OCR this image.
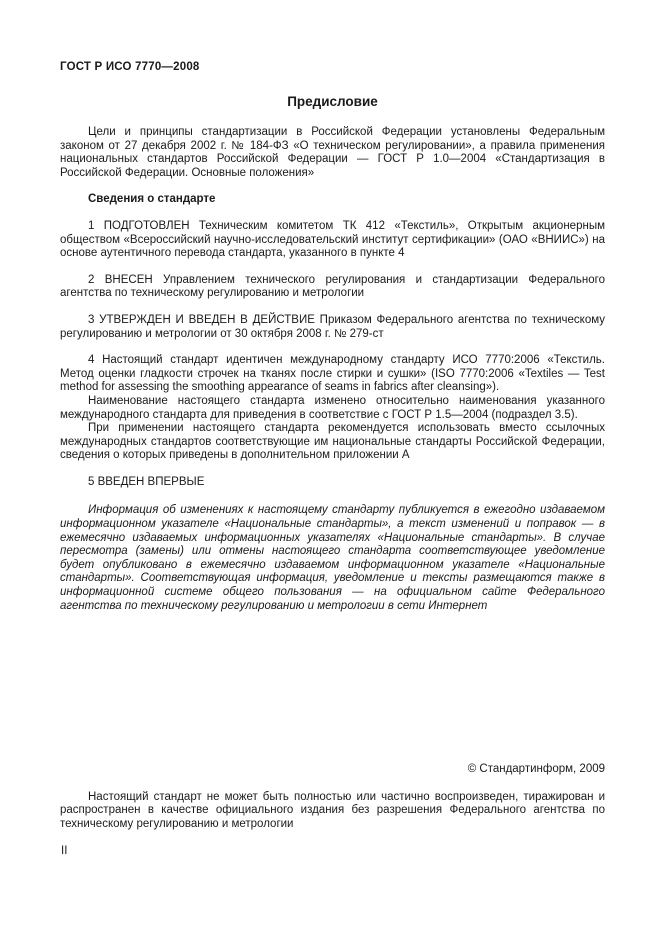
ГОСТ Р ИСО 7770—2008
Предисловие

Цели и принципы стандартизации в Российской Федерации установлены Федеральным законом от 27 декабря 2002 г. № 184-ФЗ «О техническом регулировании», а правила применения национальных стандартов Российской Федерации — ГОСТ Р 1.0—2004 «Стандартизация в Российской Федерации. Основные положения»

Сведения о стандарте

1 ПОДГОТОВЛЕН Техническим комитетом ТК 412 «Текстиль», Открытым акционерным обществом «Всероссийский научно-исследовательский институт сертификации» (ОАО «ВНИИС») на основе аутентичного перевода стандарта, указанного в пункте 4

2 ВНЕСЕН Управлением технического регулирования и стандартизации Федерального агентства по техническому регулированию и метрологии

3 УТВЕРЖДЕН И ВВЕДЕН В ДЕЙСТВИЕ Приказом Федерального агентства по техническому регулированию и метрологии от 30 октября 2008 г. № 279-ст

4 Настоящий стандарт идентичен международному стандарту ИСО 7770:2006 «Текстиль. Метод оценки гладкости строчек на тканях после стирки и сушки» (ISO 7770:2006 «Textiles — Test method for assessing the smoothing appearance of seams in fabrics after cleansing»).

Наименование настоящего стандарта изменено относительно наименования указанного международного стандарта для приведения в соответствие с ГОСТ Р 1.5—2004 (подраздел 3.5).

При применении настоящего стандарта рекомендуется использовать вместо ссылочных международных стандартов соответствующие им национальные стандарты Российской Федерации, сведения о которых приведены в дополнительном приложении А

5 ВВЕДЕН ВПЕРВЫЕ

Информация об изменениях к настоящему стандарту публикуется в ежегодно издаваемом информационном указателе «Национальные стандарты», а текст изменений и поправок — в ежемесячно издаваемых информационных указателях «Национальные стандарты». В случае пересмотра (замены) или отмены настоящего стандарта соответствующее уведомление будет опубликовано в ежемесячно издаваемом информационном указателе «Национальные стандарты». Соответствующая информация, уведомление и тексты размещаются также в информационной системе общего пользования — на официальном сайте Федерального агентства по техническому регулированию и метрологии в сети Интернет

© Стандартинформ, 2009

Настоящий стандарт не может быть полностью или частично воспроизведен, тиражирован и распространен в качестве официального издания без разрешения Федерального агентства по техническому регулированию и метрологии

II
